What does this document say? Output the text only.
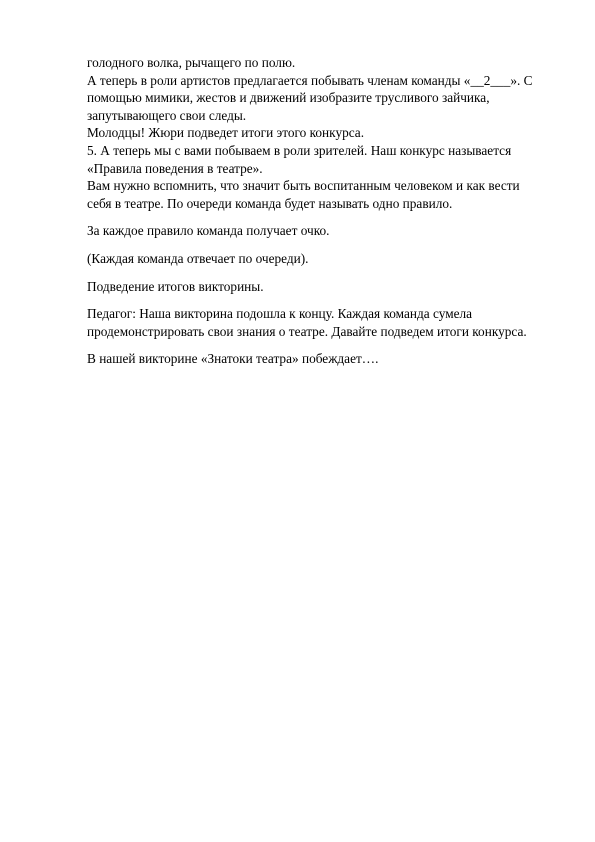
голодного волка, рычащего по полю.
А теперь в роли артистов предлагается побывать членам команды «__2___». С
помощью мимики, жестов и движений изобразите трусливого зайчика,
запутывающего свои следы.
Молодцы! Жюри подведет итоги этого конкурса.
5. А теперь мы с вами побываем в роли зрителей. Наш конкурс называется
«Правила поведения в театре».
Вам нужно вспомнить, что значит быть воспитанным человеком и как вести
себя в театре. По очереди команда будет называть одно правило.
За каждое правило команда получает очко.
(Каждая команда отвечает по очереди).
Подведение итогов викторины.
Педагог: Наша викторина подошла к концу. Каждая команда сумела
продемонстрировать свои знания о театре. Давайте подведем итоги конкурса.
В нашей викторине «Знатоки театра» побеждает….
